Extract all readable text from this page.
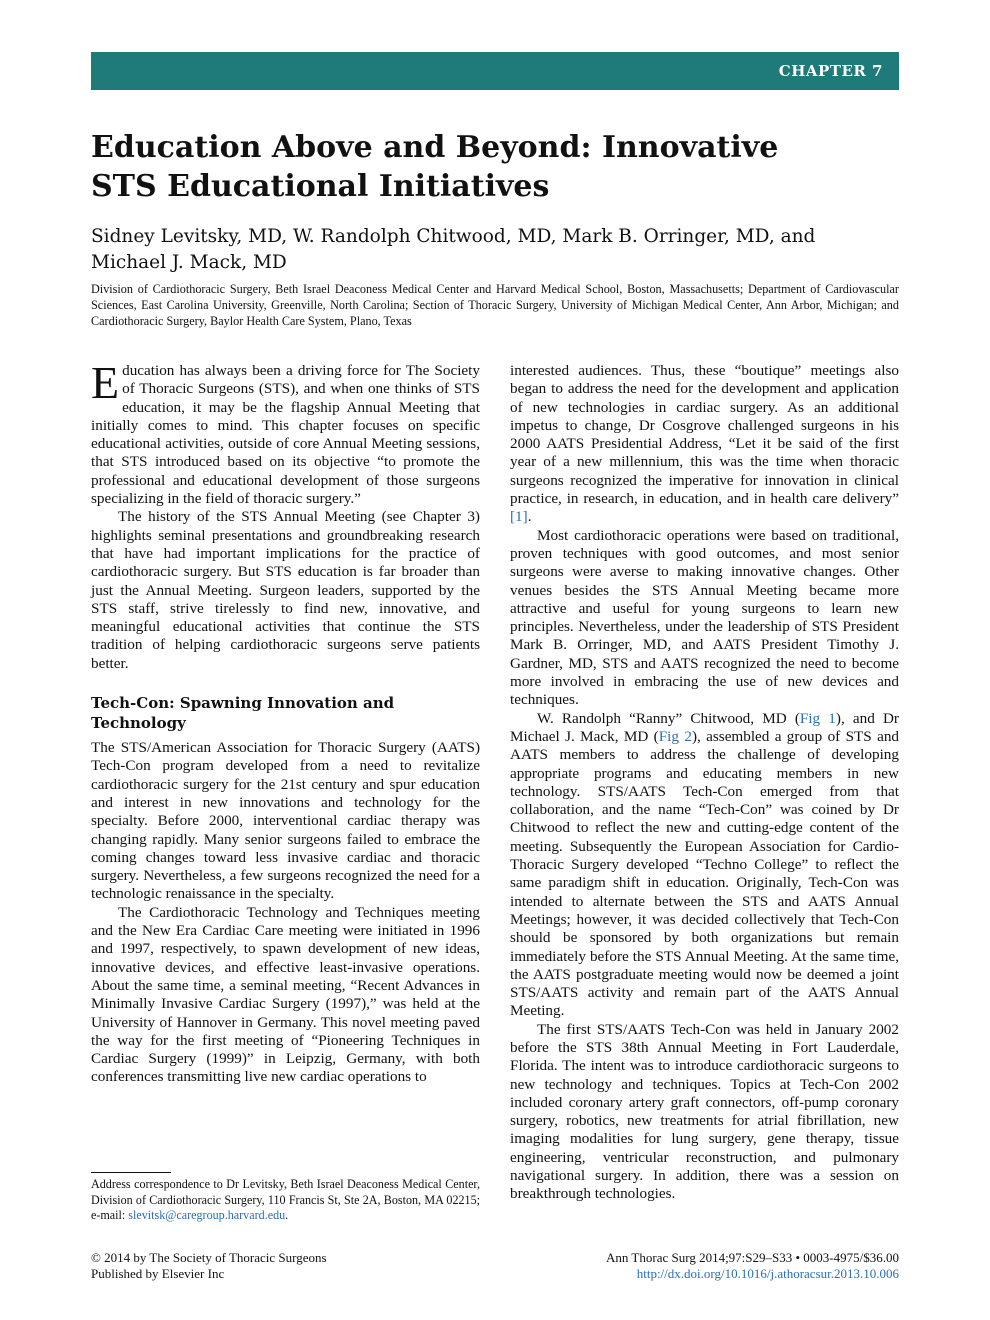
CHAPTER 7
Education Above and Beyond: Innovative
STS Educational Initiatives
Sidney Levitsky, MD, W. Randolph Chitwood, MD, Mark B. Orringer, MD, and
Michael J. Mack, MD
Division of Cardiothoracic Surgery, Beth Israel Deaconess Medical Center and Harvard Medical School, Boston, Massachusetts; Department of Cardiovascular Sciences, East Carolina University, Greenville, North Carolina; Section of Thoracic Surgery, University of Michigan Medical Center, Ann Arbor, Michigan; and Cardiothoracic Surgery, Baylor Health Care System, Plano, Texas

Education has always been a driving force for The Society of Thoracic Surgeons (STS), and when one thinks of STS education, it may be the flagship Annual Meeting that initially comes to mind. This chapter focuses on specific educational activities, outside of core Annual Meeting sessions, that STS introduced based on its objective “to promote the professional and educational development of those surgeons specializing in the field of thoracic surgery.”

The history of the STS Annual Meeting (see Chapter 3) highlights seminal presentations and groundbreaking research that have had important implications for the practice of cardiothoracic surgery. But STS education is far broader than just the Annual Meeting. Surgeon leaders, supported by the STS staff, strive tirelessly to find new, innovative, and meaningful educational activities that continue the STS tradition of helping cardiothoracic surgeons serve patients better.

Tech-Con: Spawning Innovation and Technology

The STS/American Association for Thoracic Surgery (AATS) Tech-Con program developed from a need to revitalize cardiothoracic surgery for the 21st century and spur education and interest in new innovations and technology for the specialty. Before 2000, interventional cardiac therapy was changing rapidly. Many senior surgeons failed to embrace the coming changes toward less invasive cardiac and thoracic surgery. Nevertheless, a few surgeons recognized the need for a technologic renaissance in the specialty.

The Cardiothoracic Technology and Techniques meeting and the New Era Cardiac Care meeting were initiated in 1996 and 1997, respectively, to spawn development of new ideas, innovative devices, and effective least-invasive operations. About the same time, a seminal meeting, “Recent Advances in Minimally Invasive Cardiac Surgery (1997),” was held at the University of Hannover in Germany. This novel meeting paved the way for the first meeting of “Pioneering Techniques in Cardiac Surgery (1999)” in Leipzig, Germany, with both conferences transmitting live new cardiac operations to

interested audiences. Thus, these “boutique” meetings also began to address the need for the development and application of new technologies in cardiac surgery. As an additional impetus to change, Dr Cosgrove challenged surgeons in his 2000 AATS Presidential Address, “Let it be said of the first year of a new millennium, this was the time when thoracic surgeons recognized the imperative for innovation in clinical practice, in research, in education, and in health care delivery” [1].

Most cardiothoracic operations were based on traditional, proven techniques with good outcomes, and most senior surgeons were averse to making innovative changes. Other venues besides the STS Annual Meeting became more attractive and useful for young surgeons to learn new principles. Nevertheless, under the leadership of STS President Mark B. Orringer, MD, and AATS President Timothy J. Gardner, MD, STS and AATS recognized the need to become more involved in embracing the use of new devices and techniques.

W. Randolph “Ranny” Chitwood, MD (Fig 1), and Dr Michael J. Mack, MD (Fig 2), assembled a group of STS and AATS members to address the challenge of developing appropriate programs and educating members in new technology. STS/AATS Tech-Con emerged from that collaboration, and the name “Tech-Con” was coined by Dr Chitwood to reflect the new and cutting-edge content of the meeting. Subsequently the European Association for Cardio-Thoracic Surgery developed “Techno College” to reflect the same paradigm shift in education. Originally, Tech-Con was intended to alternate between the STS and AATS Annual Meetings; however, it was decided collectively that Tech-Con should be sponsored by both organizations but remain immediately before the STS Annual Meeting. At the same time, the AATS postgraduate meeting would now be deemed a joint STS/AATS activity and remain part of the AATS Annual Meeting.

The first STS/AATS Tech-Con was held in January 2002 before the STS 38th Annual Meeting in Fort Lauderdale, Florida. The intent was to introduce cardiothoracic surgeons to new technology and techniques. Topics at Tech-Con 2002 included coronary artery graft connectors, off-pump coronary surgery, robotics, new treatments for atrial fibrillation, new imaging modalities for lung surgery, gene therapy, tissue engineering, ventricular reconstruction, and pulmonary navigational surgery. In addition, there was a session on breakthrough technologies.

Address correspondence to Dr Levitsky, Beth Israel Deaconess Medical Center, Division of Cardiothoracic Surgery, 110 Francis St, Ste 2A, Boston, MA 02215; e-mail: slevitsk@caregroup.harvard.edu.
© 2014 by The Society of Thoracic Surgeons
Published by Elsevier Inc
Ann Thorac Surg 2014;97:S29–S33 • 0003-4975/$36.00
http://dx.doi.org/10.1016/j.athoracsur.2013.10.006
